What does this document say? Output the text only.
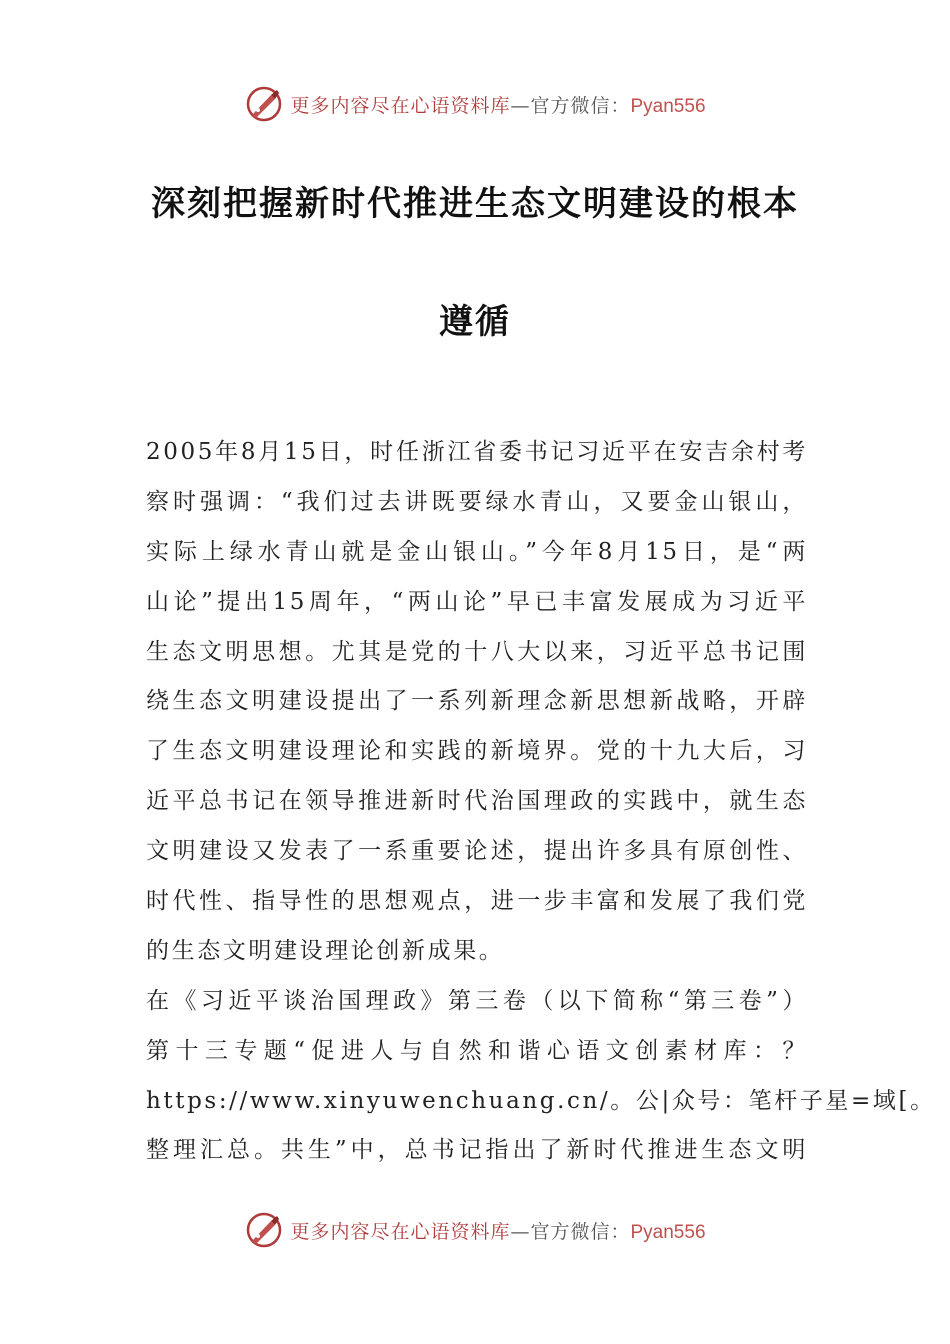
更多内容尽在心语资料库—官方微信：Pyan556
深刻把握新时代推进生态文明建设的根本
遵循
2005年8月15日，时任浙江省委书记习近平在安吉余村考
察时强调：“我们过去讲既要绿水青山，又要金山银山，
实际上绿水青山就是金山银山。”今年8月15日，是“两
山论”提出15周年，“两山论”早已丰富发展成为习近平
生态文明思想。尤其是党的十八大以来，习近平总书记围
绕生态文明建设提出了一系列新理念新思想新战略，开辟
了生态文明建设理论和实践的新境界。党的十九大后，习
近平总书记在领导推进新时代治国理政的实践中，就生态
文明建设又发表了一系重要论述，提出许多具有原创性、
时代性、指导性的思想观点，进一步丰富和发展了我们党
的生态文明建设理论创新成果。
在《习近平谈治国理政》第三卷（以下简称“第三卷”）
第十三专题“促进人与自然和谐心语文创素材库：？
https://www.xinyuwenchuang.cn/。公|众号：笔杆子星=域[。
整理汇总。共生”中，总书记指出了新时代推进生态文明
更多内容尽在心语资料库—官方微信：Pyan556
